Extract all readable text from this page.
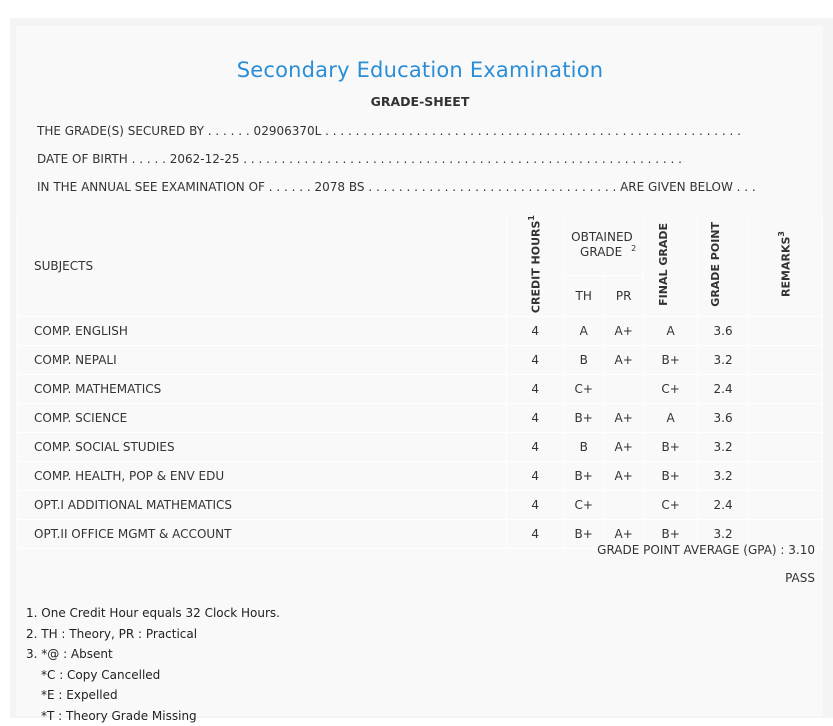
Secondary Education Examination
GRADE-SHEET
THE GRADE(S) SECURED BY . . . . . . 02906370L . . . . . . . . . . . . . . . . . . . . . . . . . . . . . . . . . . . . . . . . . . . . . . . . . . . . . . .
DATE OF BIRTH . . . . . 2062-12-25 . . . . . . . . . . . . . . . . . . . . . . . . . . . . . . . . . . . . . . . . . . . . . . . . . . . . . . . . . .
IN THE ANNUAL SEE EXAMINATION OF . . . . . . 2078 BS . . . . . . . . . . . . . . . . . . . . . . . . . . . . . . . . . ARE GIVEN BELOW . . .
SUBJECTS	CREDIT HOURS$^1$	OBTAINED GRADE $^2$		FINAL GRADE	GRADE POINT	REMARKS$^3$
		TH	PR			
COMP. ENGLISH	4	A	A+	A	3.6	
COMP. NEPALI	4	B	A+	B+	3.2	
COMP. MATHEMATICS	4	C+		C+	2.4	
COMP. SCIENCE	4	B+	A+	A	3.6	
COMP. SOCIAL STUDIES	4	B	A+	B+	3.2	
COMP. HEALTH, POP & ENV EDU	4	B+	A+	B+	3.2	
OPT.I ADDITIONAL MATHEMATICS	4	C+		C+	2.4	
OPT.II OFFICE MGMT & ACCOUNT	4	B+	A+	B+	3.2	
GRADE POINT AVERAGE (GPA) : 3.10
PASS
1. One Credit Hour equals 32 Clock Hours.
2. TH : Theory, PR : Practical
3. *@ : Absent
*C : Copy Cancelled
*E : Expelled
*T : Theory Grade Missing
